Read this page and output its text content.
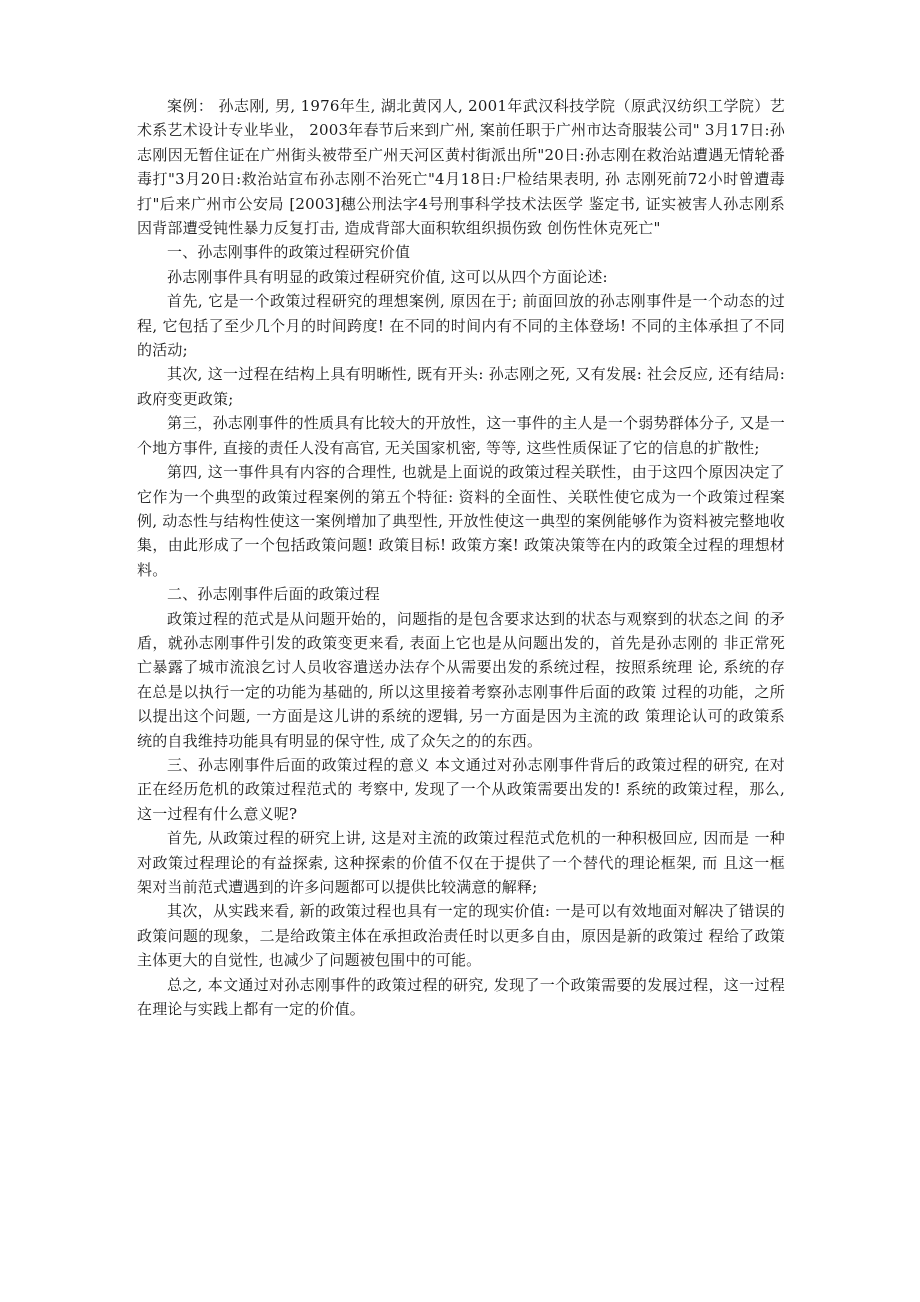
案例： 孙志刚, 男, 1976年生, 湖北黄冈人, 2001年武汉科技学院（原武汉纺织工学院）艺术系艺术设计专业毕业， 2003年春节后来到广州, 案前任职于广州市达奇服装公司" 3月17日:孙志刚因无暂住证在广州街头被带至广州天河区黄村街派出所"20日:孙志刚在救治站遭遇无情轮番毒打"3月20日:救治站宣布孙志刚不治死亡"4月18日:尸检结果表明, 孙 志刚死前72小时曾遭毒打"后来广州市公安局 [2003]穗公刑法字4号刑事科学技术法医学 鉴定书, 证实被害人孙志刚系因背部遭受钝性暴力反复打击, 造成背部大面积软组织损伤致 创伤性休克死亡"

一、孙志刚事件的政策过程研究价值

孙志刚事件具有明显的政策过程研究价值, 这可以从四个方面论述:

首先, 它是一个政策过程研究的理想案例, 原因在于; 前面回放的孙志刚事件是一个动态的过程, 它包括了至少几个月的时间跨度! 在不同的时间内有不同的主体登场! 不同的主体承担了不同的活动;

其次, 这一过程在结构上具有明晰性, 既有开头: 孙志刚之死, 又有发展: 社会反应, 还有结局: 政府变更政策;

第三，孙志刚事件的性质具有比较大的开放性，这一事件的主人是一个弱势群体分子, 又是一个地方事件, 直接的责任人没有高官, 无关国家机密, 等等, 这些性质保证了它的信息的扩散性;

第四, 这一事件具有内容的合理性, 也就是上面说的政策过程关联性，由于这四个原因决定了它作为一个典型的政策过程案例的第五个特征: 资料的全面性、关联性使它成为一个政策过程案例, 动态性与结构性使这一案例增加了典型性, 开放性使这一典型的案例能够作为资料被完整地收集，由此形成了一个包括政策问题! 政策目标! 政策方案! 政策决策等在内的政策全过程的理想材料。

二、孙志刚事件后面的政策过程

政策过程的范式是从问题开始的，问题指的是包含要求达到的状态与观察到的状态之间 的矛盾，就孙志刚事件引发的政策变更来看, 表面上它也是从问题出发的，首先是孙志刚的 非正常死亡暴露了城市流浪乞讨人员收容遣送办法存个从需要出发的系统过程，按照系统理 论, 系统的存在总是以执行一定的功能为基础的, 所以这里接着考察孙志刚事件后面的政策 过程的功能，之所以提出这个问题, 一方面是这儿讲的系统的逻辑, 另一方面是因为主流的政 策理论认可的政策系统的自我维持功能具有明显的保守性, 成了众矢之的的东西。

三、孙志刚事件后面的政策过程的意义 本文通过对孙志刚事件背后的政策过程的研究, 在对正在经历危机的政策过程范式的 考察中, 发现了一个从政策需要出发的! 系统的政策过程，那么, 这一过程有什么意义呢?

首先, 从政策过程的研究上讲, 这是对主流的政策过程范式危机的一种积极回应, 因而是 一种对政策过程理论的有益探索, 这种探索的价值不仅在于提供了一个替代的理论框架, 而 且这一框架对当前范式遭遇到的许多问题都可以提供比较满意的解释;

其次，从实践来看, 新的政策过程也具有一定的现实价值: 一是可以有效地面对解决了错误的政策问题的现象，二是给政策主体在承担政治责任时以更多自由，原因是新的政策过 程给了政策主体更大的自觉性, 也减少了问题被包围中的可能。

总之, 本文通过对孙志刚事件的政策过程的研究, 发现了一个政策需要的发展过程，这一过程在理论与实践上都有一定的价值。
